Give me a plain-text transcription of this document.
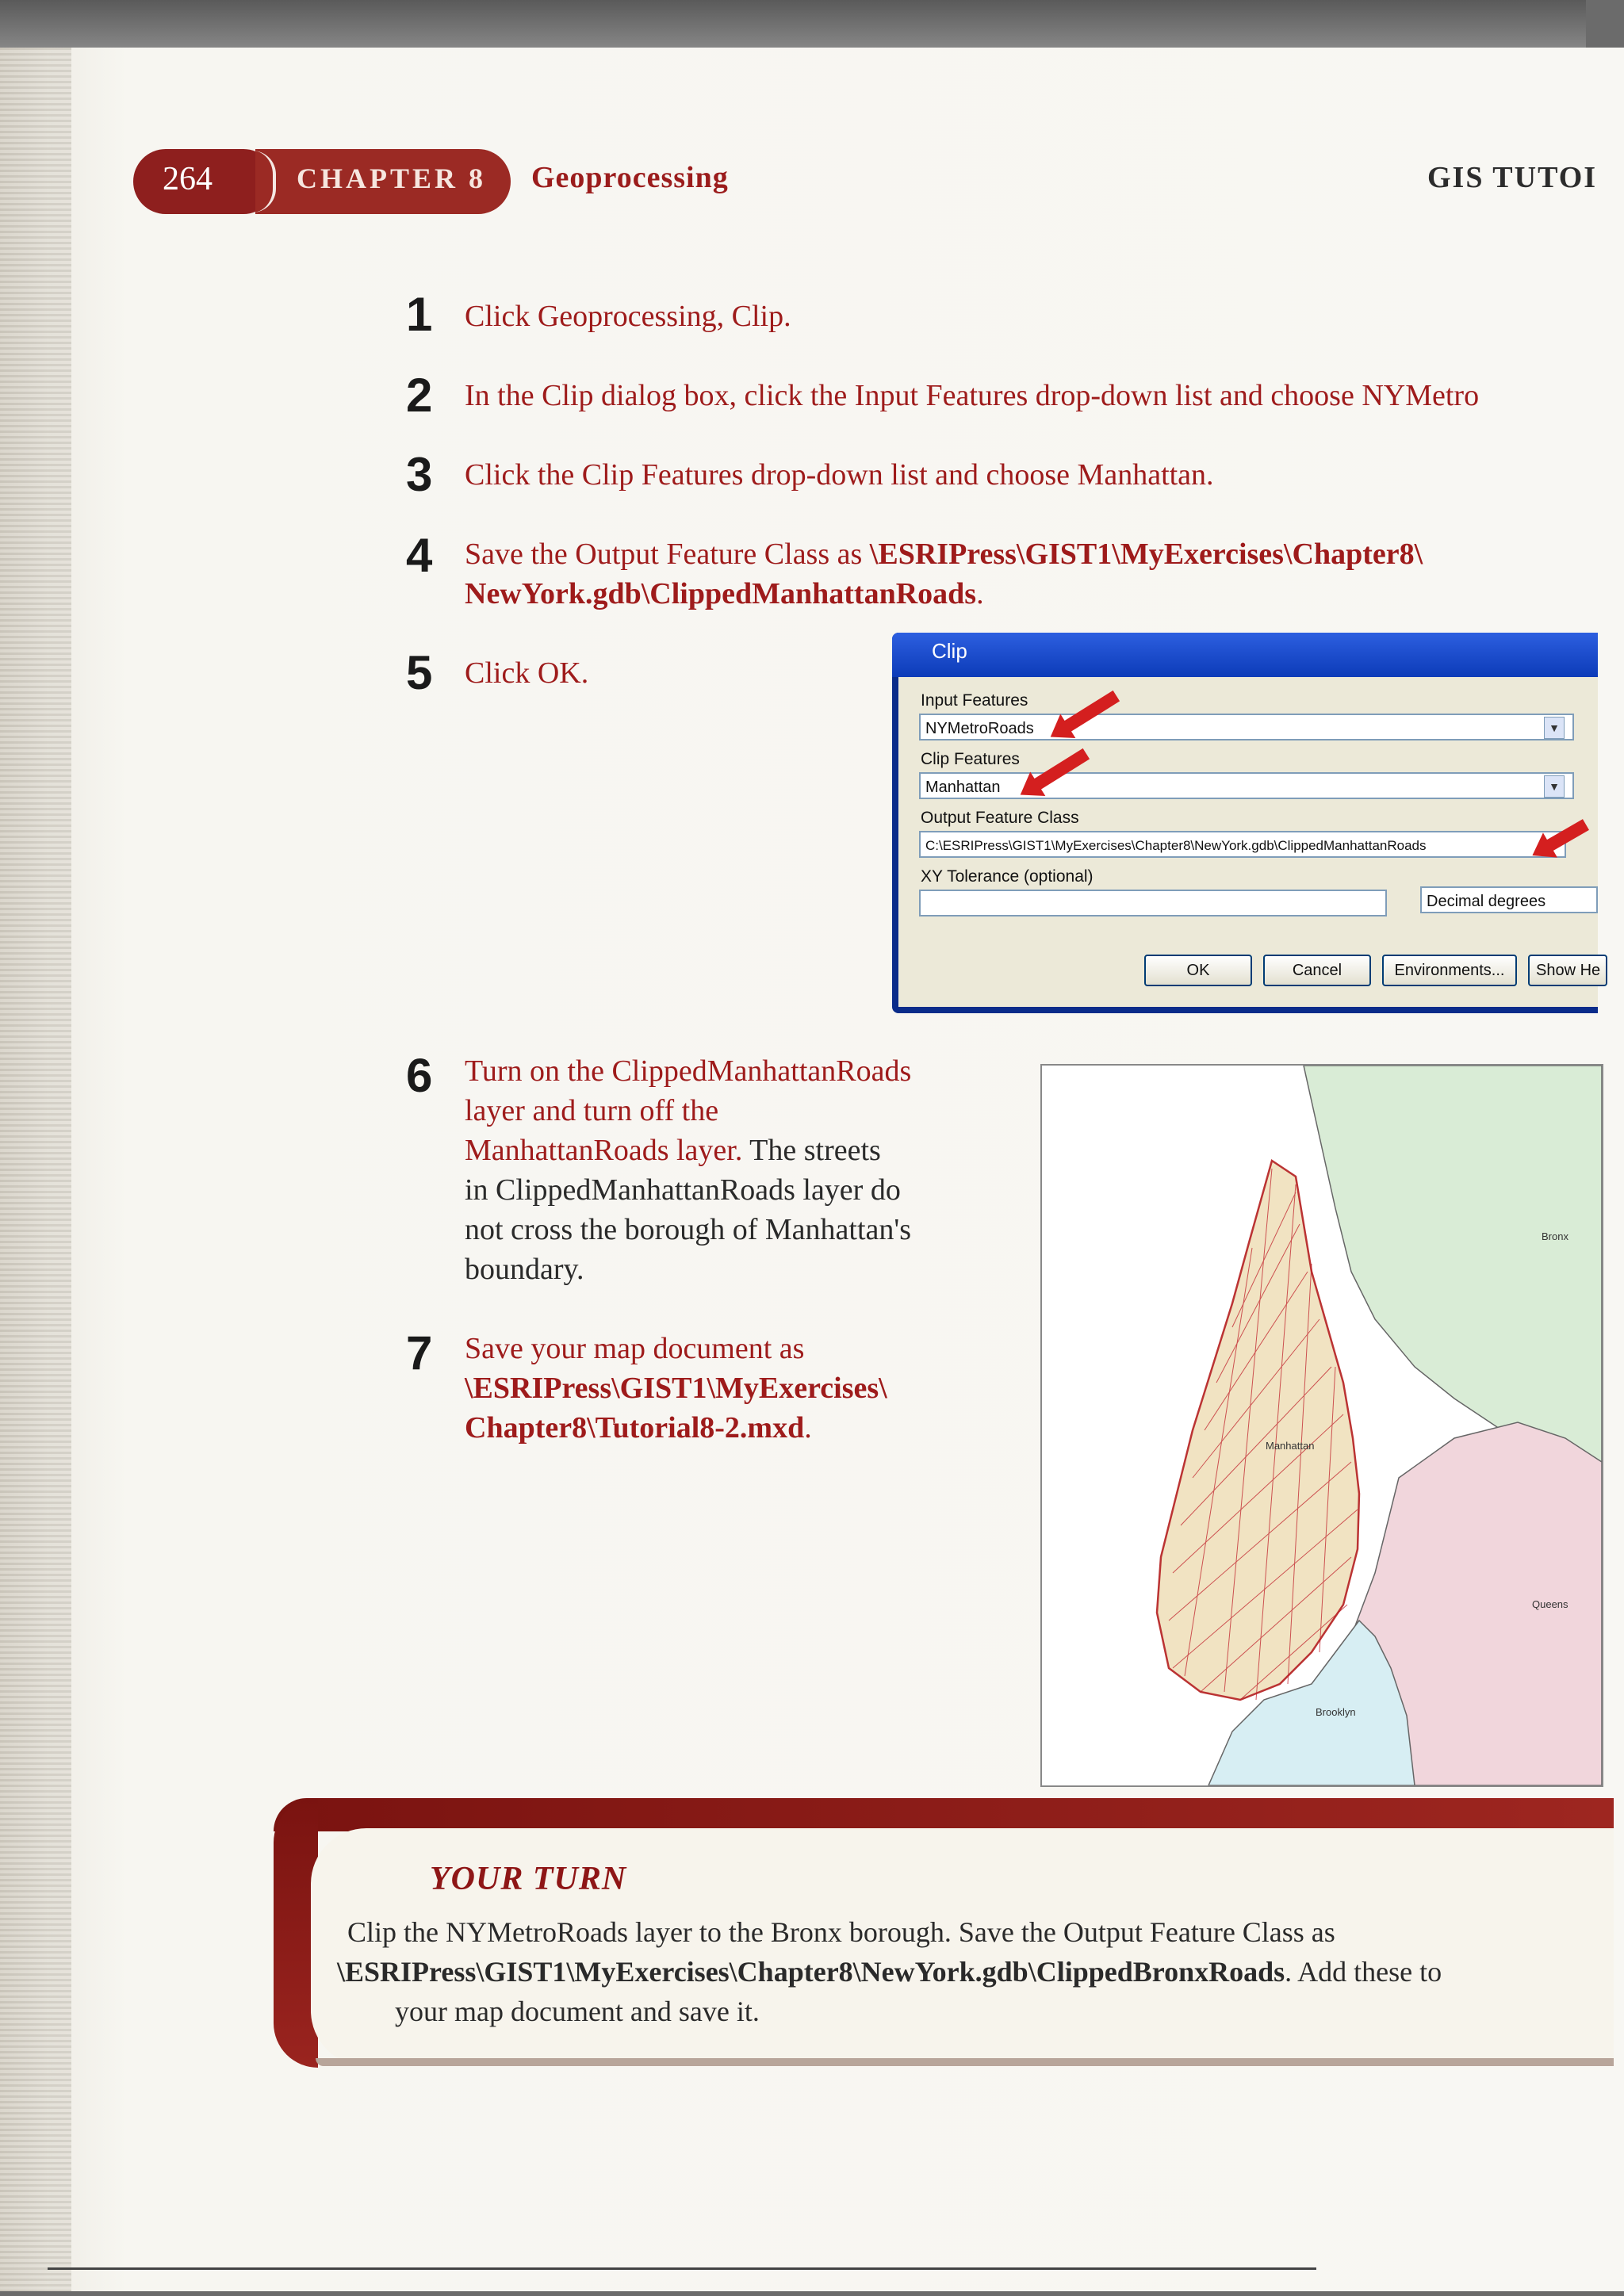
264	CHAPTER 8 Geoprocessing	GIS TUTOI
1 Click Geoprocessing, Clip.
2 In the Clip dialog box, click the Input Features drop-down list and choose NYMetro
3 Click the Clip Features drop-down list and choose Manhattan.
4 Save the Output Feature Class as \ESRIPress\GIST1\MyExercises\Chapter8\
NewYork.gdb\ClippedManhattanRoads.
5 Click OK.
Clip
Input Features
NYMetroRoads	▼
Clip Features
Manhattan	▼
Output Feature Class
C:\ESRIPress\GIST1\MyExercises\Chapter8\NewYork.gdb\ClippedManhattanRoads
XY Tolerance (optional)
Decimal degrees
OK	Cancel	Environments...	Show He
6 Turn on the ClippedManhattanRoads
layer and turn off the
ManhattanRoads layer. The streets
in ClippedManhattanRoads layer do
not cross the borough of Manhattan's
boundary.
7 Save your map document as
\ESRIPress\GIST1\MyExercises\
Chapter8\Tutorial8-2.mxd.
Bronx
Manhattan
Queens
Brooklyn
YOUR TURN
Clip the NYMetroRoads layer to the Bronx borough. Save the Output Feature Class as
\ESRIPress\GIST1\MyExercises\Chapter8\NewYork.gdb\ClippedBronxRoads. Add these to
your map document and save it.
